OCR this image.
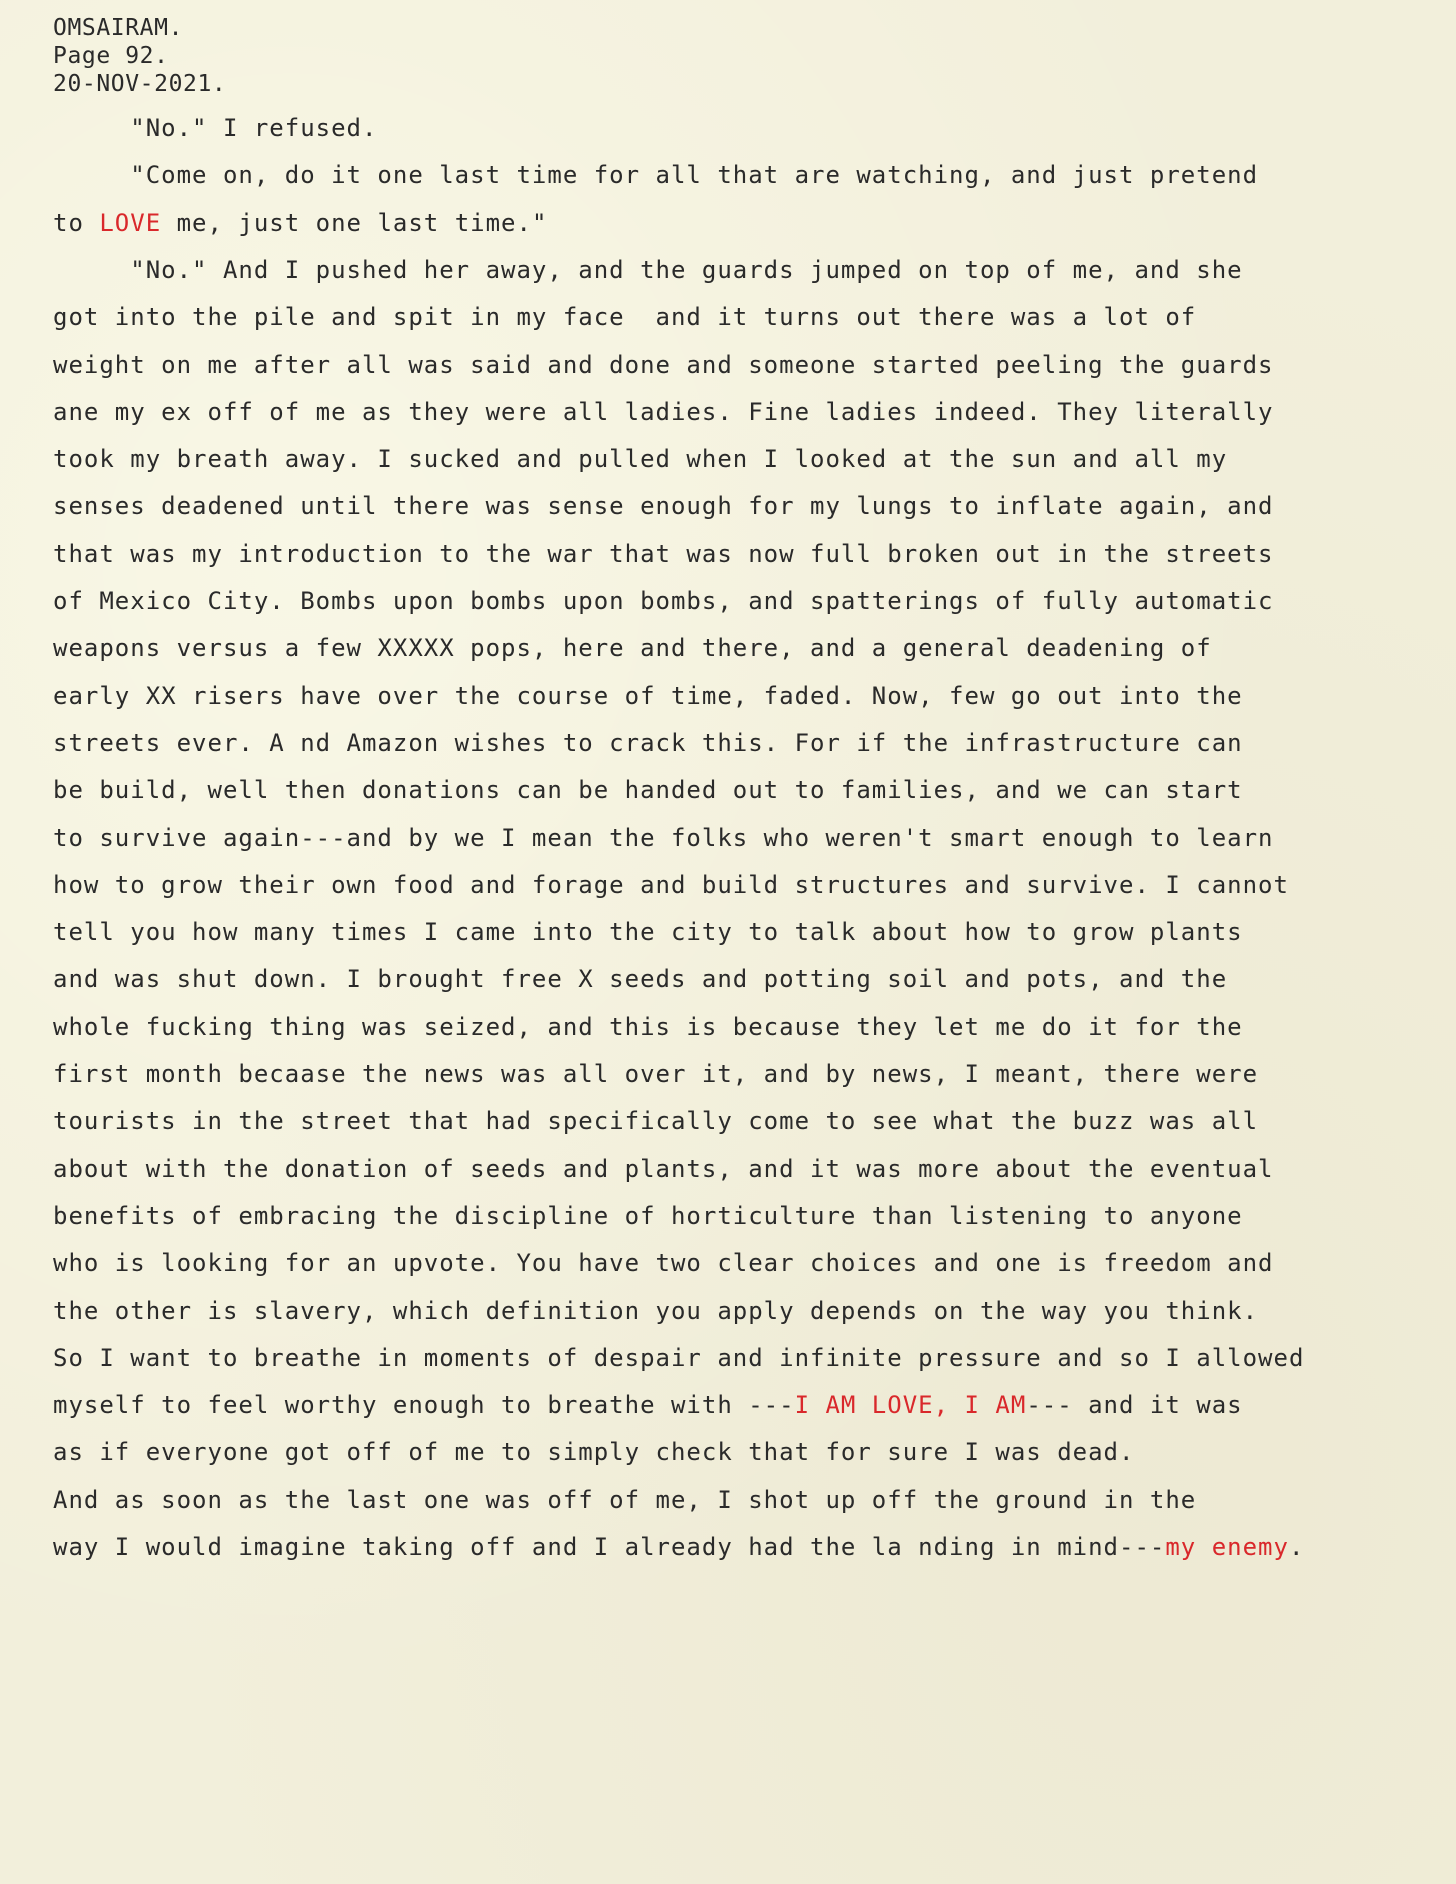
OMSAIRAM.
Page 92.
20-NOV-2021.
"No." I refused.
"Come on, do it one last time for all that are watching, and just pretend
to LOVE me, just one last time."
"No." And I pushed her away, and the guards jumped on top of me, and she
got into the pile and spit in my face  and it turns out there was a lot of
weight on me after all was said and done and someone started peeling the guards
ane my ex off of me as they were all ladies. Fine ladies indeed. They literally
took my breath away. I sucked and pulled when I looked at the sun and all my
senses deadened until there was sense enough for my lungs to inflate again, and
that was my introduction to the war that was now full broken out in the streets
of Mexico City. Bombs upon bombs upon bombs, and spatterings of fully automatic
weapons versus a few XXXXX pops, here and there, and a general deadening of
early XX risers have over the course of time, faded. Now, few go out into the
streets ever. A nd Amazon wishes to crack this. For if the infrastructure can
be build, well then donations can be handed out to families, and we can start
to survive again---and by we I mean the folks who weren't smart enough to learn
how to grow their own food and forage and build structures and survive. I cannot
tell you how many times I came into the city to talk about how to grow plants
and was shut down. I brought free X seeds and potting soil and pots, and the
whole fucking thing was seized, and this is because they let me do it for the
first month becaase the news was all over it, and by news, I meant, there were
tourists in the street that had specifically come to see what the buzz was all
about with the donation of seeds and plants, and it was more about the eventual
benefits of embracing the discipline of horticulture than listening to anyone
who is looking for an upvote. You have two clear choices and one is freedom and
the other is slavery, which definition you apply depends on the way you think.
So I want to breathe in moments of despair and infinite pressure and so I allowed
myself to feel worthy enough to breathe with ---I AM LOVE, I AM--- and it was
as if everyone got off of me to simply check that for sure I was dead.
And as soon as the last one was off of me, I shot up off the ground in the
way I would imagine taking off and I already had the la nding in mind---my enemy.
